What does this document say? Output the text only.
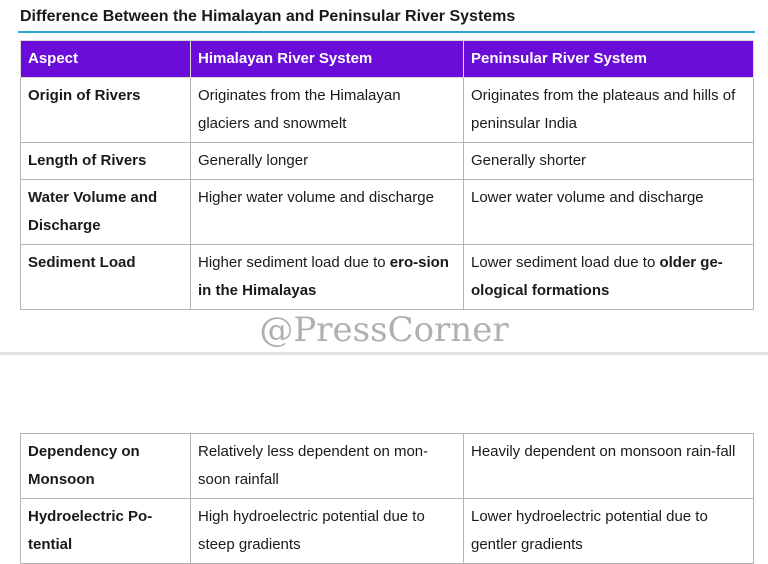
Difference Between the Himalayan and Peninsular River Systems
Aspect	Himalayan River System	Peninsular River System
Origin of Rivers	Originates from the Himalayan glaciers and snowmelt	Originates from the plateaus and hills of peninsular India
Length of Rivers	Generally longer	Generally shorter
Water Volume and Discharge	Higher water volume and discharge	Lower water volume and discharge
Sediment Load	Higher sediment load due to ero-sion in the Himalayas	Lower sediment load due to older ge-ological formations
@PressCorner
Dependency on Monsoon	Relatively less dependent on mon-soon rainfall	Heavily dependent on monsoon rain-fall
Hydroelectric Po-tential	High hydroelectric potential due to steep gradients	Lower hydroelectric potential due to gentler gradients
